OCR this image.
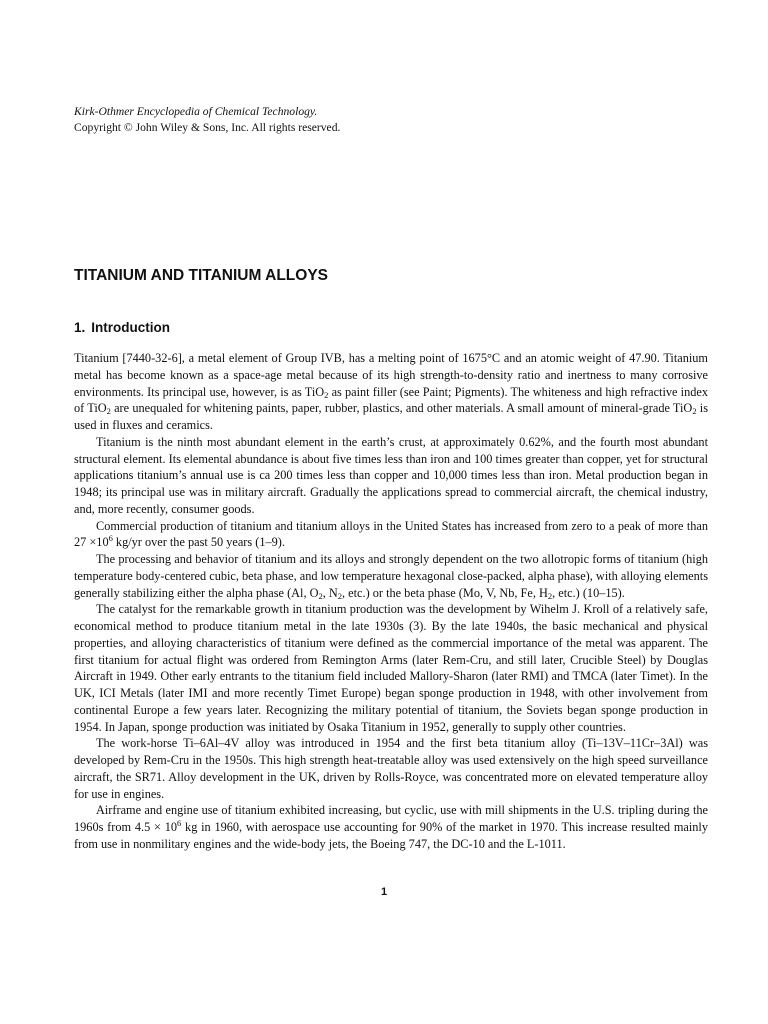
Kirk-Othmer Encyclopedia of Chemical Technology.
Copyright © John Wiley & Sons, Inc. All rights reserved.
TITANIUM AND TITANIUM ALLOYS
1. Introduction

Titanium [7440-32-6], a metal element of Group IVB, has a melting point of 1675°C and an atomic weight of 47.90. Titanium metal has become known as a space-age metal because of its high strength-to-density ratio and inertness to many corrosive environments. Its principal use, however, is as TiO$_2$ as paint filler (see Paint; Pigments). The whiteness and high refractive index of TiO$_2$ are unequaled for whitening paints, paper, rubber, plastics, and other materials. A small amount of mineral-grade TiO$_2$ is used in fluxes and ceramics.

Titanium is the ninth most abundant element in the earth’s crust, at approximately 0.62%, and the fourth most abundant structural element. Its elemental abundance is about five times less than iron and 100 times greater than copper, yet for structural applications titanium’s annual use is ca 200 times less than copper and 10,000 times less than iron. Metal production began in 1948; its principal use was in military aircraft. Gradually the applications spread to commercial aircraft, the chemical industry, and, more recently, consumer goods.

Commercial production of titanium and titanium alloys in the United States has increased from zero to a peak of more than $27 \times 10^6$ kg/yr over the past 50 years (1–9).

The processing and behavior of titanium and its alloys and strongly dependent on the two allotropic forms of titanium (high temperature body-centered cubic, beta phase, and low temperature hexagonal close-packed, alpha phase), with alloying elements generally stabilizing either the alpha phase (Al, $O_2$, $N_2$, etc.) or the beta phase (Mo, V, Nb, Fe, $H_2$, etc.) (10–15).

The catalyst for the remarkable growth in titanium production was the development by Wihelm J. Kroll of a relatively safe, economical method to produce titanium metal in the late 1930s (3). By the late 1940s, the basic mechanical and physical properties, and alloying characteristics of titanium were defined as the commercial importance of the metal was apparent. The first titanium for actual flight was ordered from Remington Arms (later Rem-Cru, and still later, Crucible Steel) by Douglas Aircraft in 1949. Other early entrants to the titanium field included Mallory-Sharon (later RMI) and TMCA (later Timet). In the UK, ICI Metals (later IMI and more recently Timet Europe) began sponge production in 1948, with other involvement from continental Europe a few years later. Recognizing the military potential of titanium, the Soviets began sponge production in 1954. In Japan, sponge production was initiated by Osaka Titanium in 1952, generally to supply other countries.

The work-horse Ti–6Al–4V alloy was introduced in 1954 and the first beta titanium alloy (Ti–13V–11Cr–3Al) was developed by Rem-Cru in the 1950s. This high strength heat-treatable alloy was used extensively on the high speed surveillance aircraft, the SR71. Alloy development in the UK, driven by Rolls-Royce, was concentrated more on elevated temperature alloy for use in engines.

Airframe and engine use of titanium exhibited increasing, but cyclic, use with mill shipments in the U.S. tripling during the 1960s from $4.5 \times 10^6$ kg in 1960, with aerospace use accounting for 90% of the market in 1970. This increase resulted mainly from use in nonmilitary engines and the wide-body jets, the Boeing 747, the DC-10 and the L-1011.

1
